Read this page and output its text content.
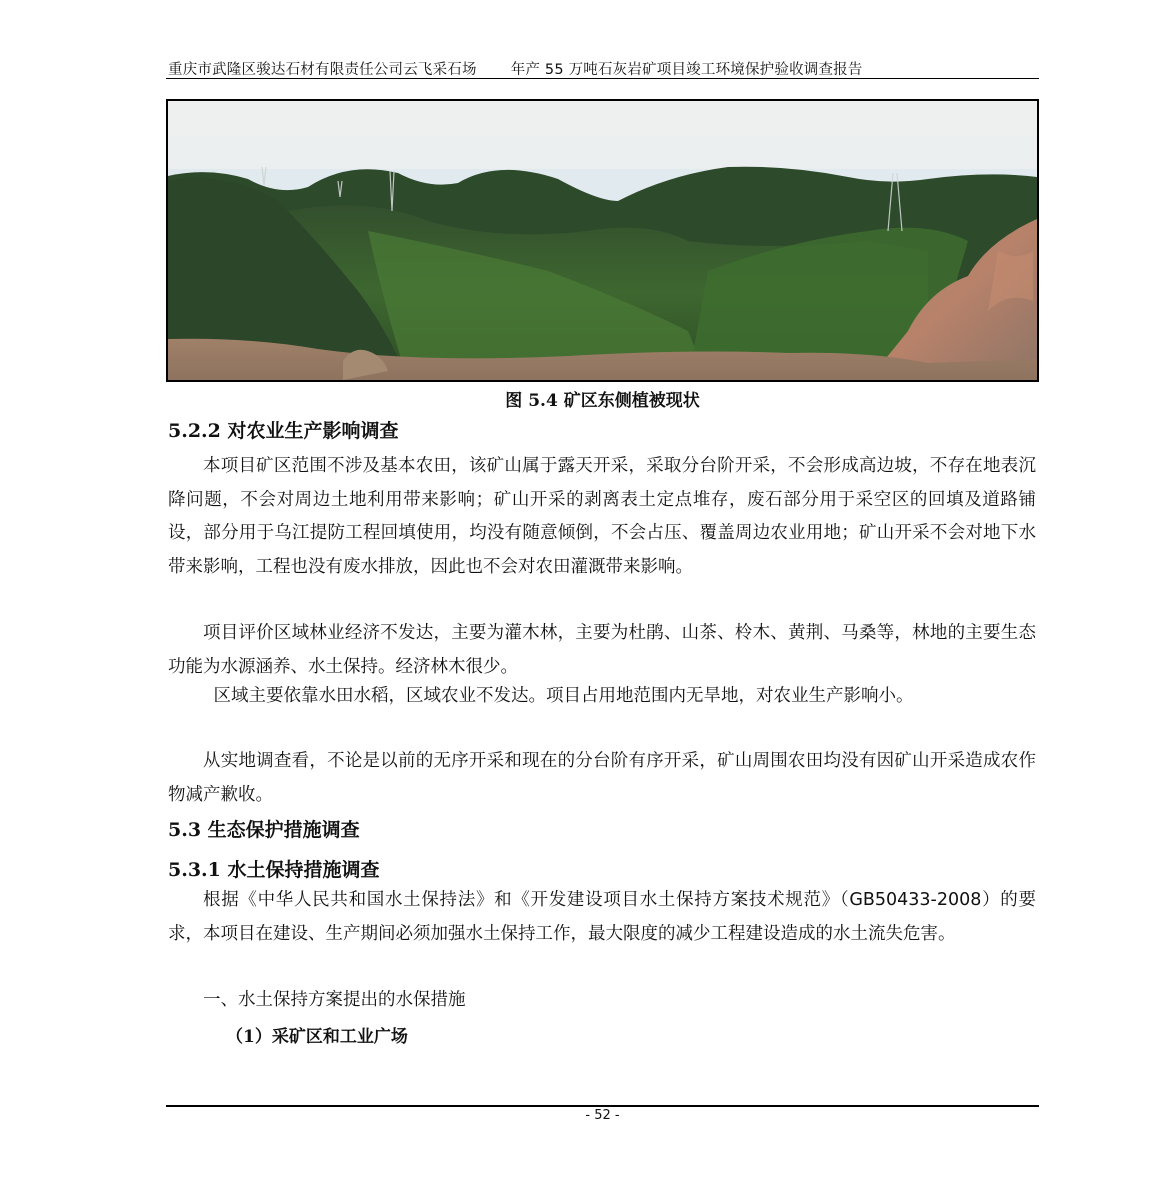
重庆市武隆区骏达石材有限责任公司云飞采石场 年产 55 万吨石灰岩矿项目竣工环境保护验收调查报告
图 5.4 矿区东侧植被现状
5.2.2 对农业生产影响调查
本项目矿区范围不涉及基本农田，该矿山属于露天开采，采取分台阶开采，不会形成高边坡，不存在地表沉降问题，不会对周边土地利用带来影响；矿山开采的剥离表土定点堆存，废石部分用于采空区的回填及道路铺设，部分用于乌江提防工程回填使用，均没有随意倾倒，不会占压、覆盖周边农业用地；矿山开采不会对地下水带来影响，工程也没有废水排放，因此也不会对农田灌溉带来影响。
项目评价区域林业经济不发达，主要为灌木林，主要为杜鹃、山茶、柃木、黄荆、马桑等，林地的主要生态功能为水源涵养、水土保持。经济林木很少。
区域主要依靠水田水稻，区域农业不发达。项目占用地范围内无旱地，对农业生产影响小。
从实地调查看，不论是以前的无序开采和现在的分台阶有序开采，矿山周围农田均没有因矿山开采造成农作物减产歉收。
5.3 生态保护措施调查
5.3.1 水土保持措施调查
根据《中华人民共和国水土保持法》和《开发建设项目水土保持方案技术规范》（GB50433-2008）的要求，本项目在建设、生产期间必须加强水土保持工作，最大限度的减少工程建设造成的水土流失危害。
一、水土保持方案提出的水保措施
（1）采矿区和工业广场
- 52 -
